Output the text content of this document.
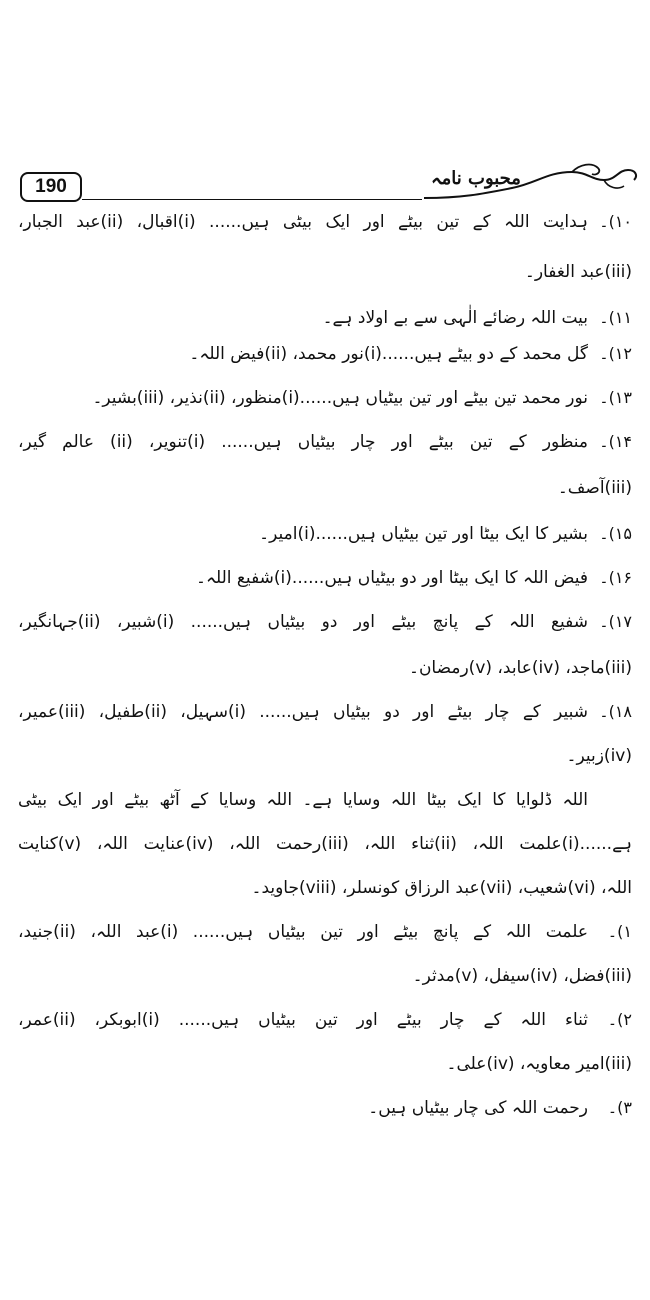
190	محبوب نامہ
۱۰)۔ہدایت اللہ کے تین بیٹے اور ایک بیٹی ہیں...... (i)اقبال، (ii)عبد الجبار،
(iii)عبد الغفار۔
۱۱)۔بیت اللہ رضائے الٰہی سے بے اولاد ہے۔
۱۲)۔گل محمد کے دو بیٹے ہیں......(i)نور محمد، (ii)فیض اللہ۔
۱۳)۔نور محمد تین بیٹے اور تین بیٹیاں ہیں......(i)منظور، (ii)نذیر، (iii)بشیر۔
۱۴)۔منظور کے تین بیٹے اور چار بیٹیاں ہیں...... (i)تنویر، (ii) عالم گیر،
(iii)آصف۔
۱۵)۔بشیر کا ایک بیٹا اور تین بیٹیاں ہیں......(i)امیر۔
۱۶)۔فیض اللہ کا ایک بیٹا اور دو بیٹیاں ہیں......(i)شفیع اللہ۔
۱۷)۔شفیع اللہ کے پانچ بیٹے اور دو بیٹیاں ہیں...... (i)شبیر، (ii)جہانگیر،
(iii)ماجد، (iv)عابد، (v)رمضان۔
۱۸)۔شبیر کے چار بیٹے اور دو بیٹیاں ہیں...... (i)سہیل، (ii)طفیل، (iii)عمیر،
(iv)زبیر۔
اللہ ڈلوایا کا ایک بیٹا اللہ وسایا ہے۔ اللہ وسایا کے آٹھ بیٹے اور ایک بیٹی
ہے......(i)علمت اللہ، (ii)ثناء اللہ، (iii)رحمت اللہ، (iv)عنایت اللہ، (v)کنایت
اللہ، (vi)شعیب، (vii)عبد الرزاق کونسلر، (viii)جاوید۔
۱)۔علمت اللہ کے پانچ بیٹے اور تین بیٹیاں ہیں...... (i)عبد اللہ، (ii)جنید،
(iii)فضل، (iv)سیفل، (v)مدثر۔
۲)۔ثناء اللہ کے چار بیٹے اور تین بیٹیاں ہیں...... (i)ابوبکر، (ii)عمر،
(iii)امیر معاویہ، (iv)علی۔
۳)۔رحمت اللہ کی چار بیٹیاں ہیں۔
